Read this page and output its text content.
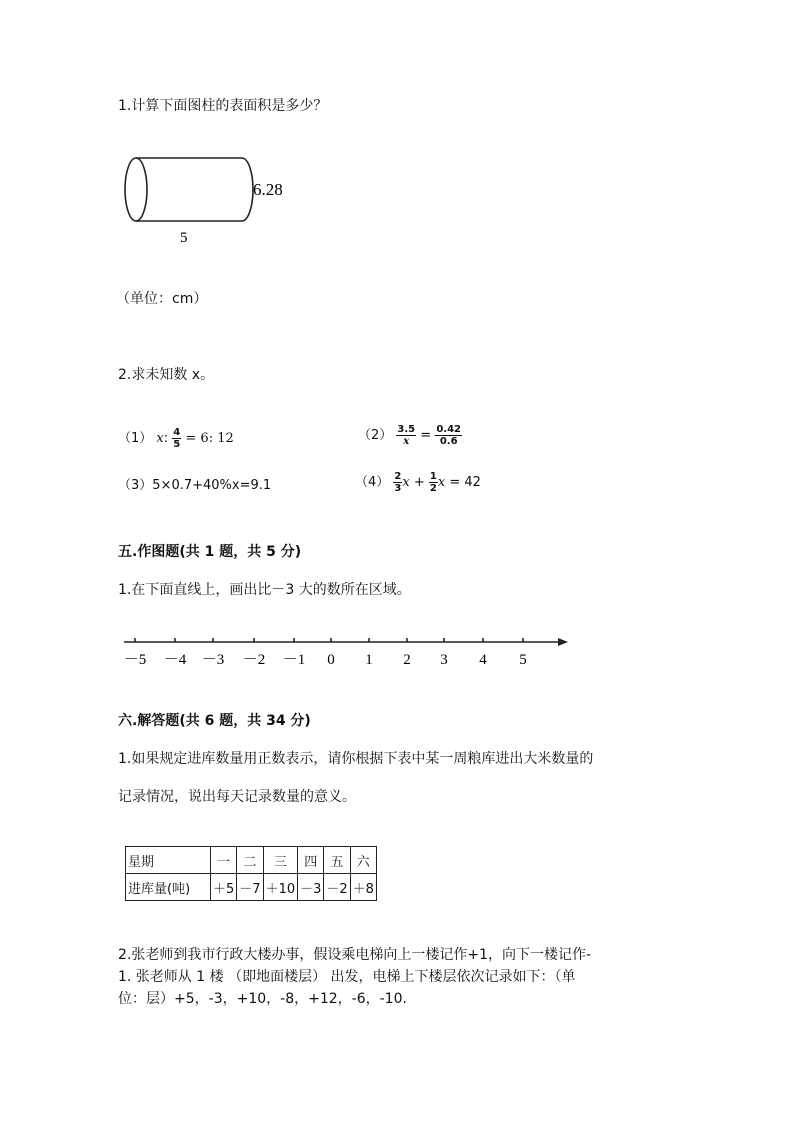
1.计算下面图柱的表面积是多少？
6.28
5
（单位：cm）
2.求未知数 x。
（1） x: $\frac{4}{5} = 6$: 12	$(2) \frac{3.5}{x} = \frac{0.42}{0.6}$
（3）5×0.7+40%x=9.1	$(4) \frac{2}{3}$ $x + \frac{1}{2}$ x = 42
五.作图题(共 1 题，共 5 分)
1.在下面直线上，画出比－3 大的数所在区域。
－5 －4 －3 －2 －1 0 1 2 3 4 5
六.解答题(共 6 题，共 34 分)
1.如果规定进库数量用正数表示，请你根据下表中某一周粮库进出大米数量的
记录情况，说出每天记录数量的意义。
星期	一	二	三	四	五	六
进库量(吨)	＋5	－7	＋10	－3	－2	＋8
2.张老师到我市行政大楼办事，假设乘电梯向上一楼记作+1，向下一楼记作-
1. 张老师从 1 楼 （即地面楼层） 出发，电梯上下楼层依次记录如下：（单
位：层）+5，-3，+10，-8，+12，-6，-10.
